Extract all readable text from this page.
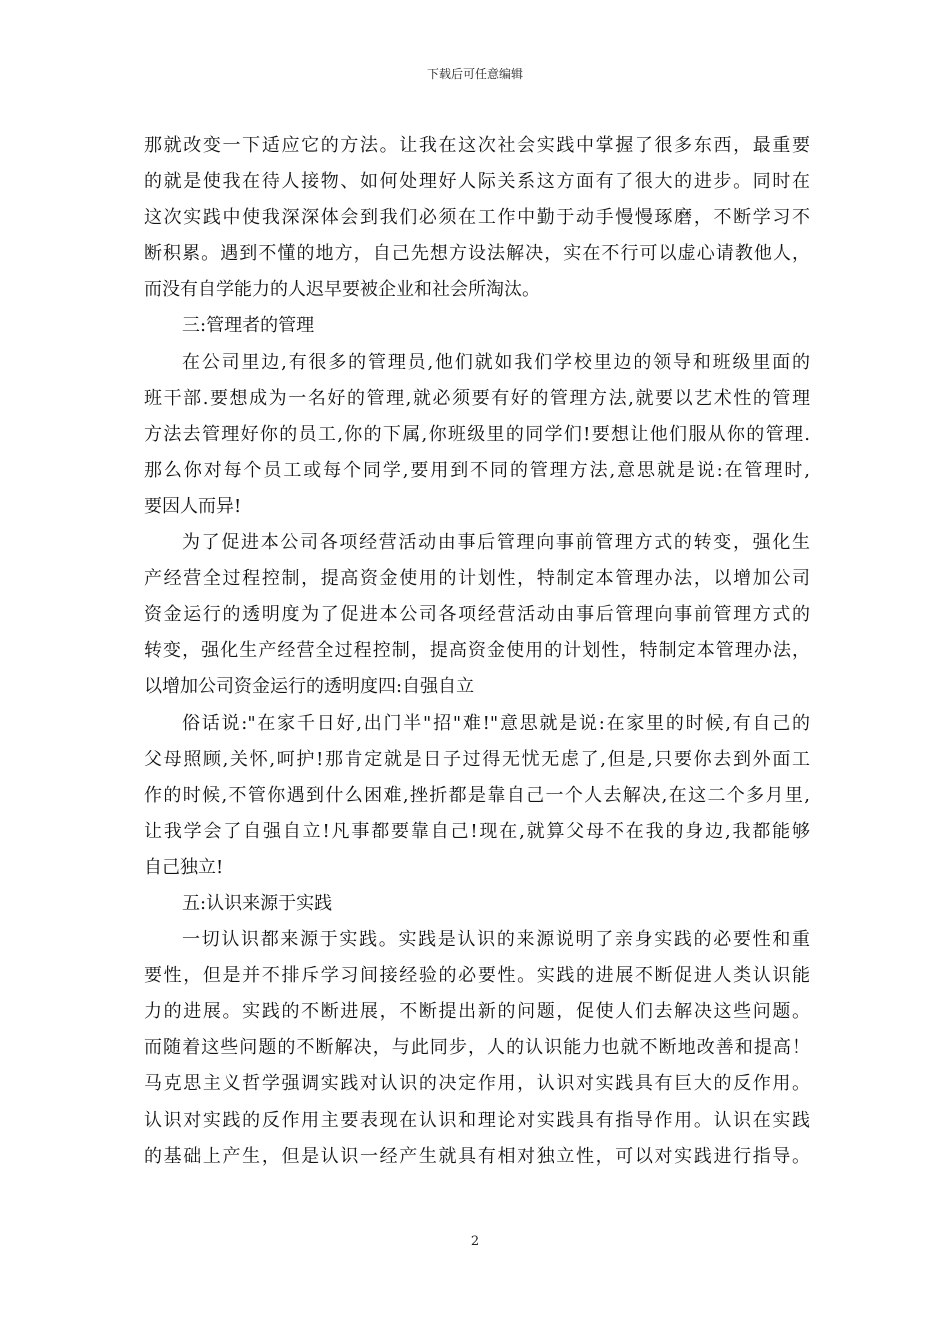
下载后可任意编辑
那就改变一下适应它的方法。让我在这次社会实践中掌握了很多东西，最重要
的就是使我在待人接物、如何处理好人际关系这方面有了很大的进步。同时在
这次实践中使我深深体会到我们必须在工作中勤于动手慢慢琢磨，不断学习不
断积累。遇到不懂的地方，自己先想方设法解决，实在不行可以虚心请教他人，
而没有自学能力的人迟早要被企业和社会所淘汰。
三:管理者的管理
在公司里边,有很多的管理员,他们就如我们学校里边的领导和班级里面的
班干部.要想成为一名好的管理,就必须要有好的管理方法,就要以艺术性的管理
方法去管理好你的员工,你的下属,你班级里的同学们!要想让他们服从你的管理.
那么你对每个员工或每个同学,要用到不同的管理方法,意思就是说:在管理时,
要因人而异!
为了促进本公司各项经营活动由事后管理向事前管理方式的转变，强化生
产经营全过程控制，提高资金使用的计划性，特制定本管理办法，以增加公司
资金运行的透明度为了促进本公司各项经营活动由事后管理向事前管理方式的
转变，强化生产经营全过程控制，提高资金使用的计划性，特制定本管理办法，
以增加公司资金运行的透明度四:自强自立
俗话说:"在家千日好,出门半"招"难!"意思就是说:在家里的时候,有自己的
父母照顾,关怀,呵护!那肯定就是日子过得无忧无虑了,但是,只要你去到外面工
作的时候,不管你遇到什么困难,挫折都是靠自己一个人去解决,在这二个多月里,
让我学会了自强自立!凡事都要靠自己!现在,就算父母不在我的身边,我都能够
自己独立!
五:认识来源于实践
一切认识都来源于实践。实践是认识的来源说明了亲身实践的必要性和重
要性，但是并不排斥学习间接经验的必要性。实践的进展不断促进人类认识能
力的进展。实践的不断进展，不断提出新的问题，促使人们去解决这些问题。
而随着这些问题的不断解决，与此同步，人的认识能力也就不断地改善和提高！
马克思主义哲学强调实践对认识的决定作用，认识对实践具有巨大的反作用。
认识对实践的反作用主要表现在认识和理论对实践具有指导作用。认识在实践
的基础上产生，但是认识一经产生就具有相对独立性，可以对实践进行指导。
2
